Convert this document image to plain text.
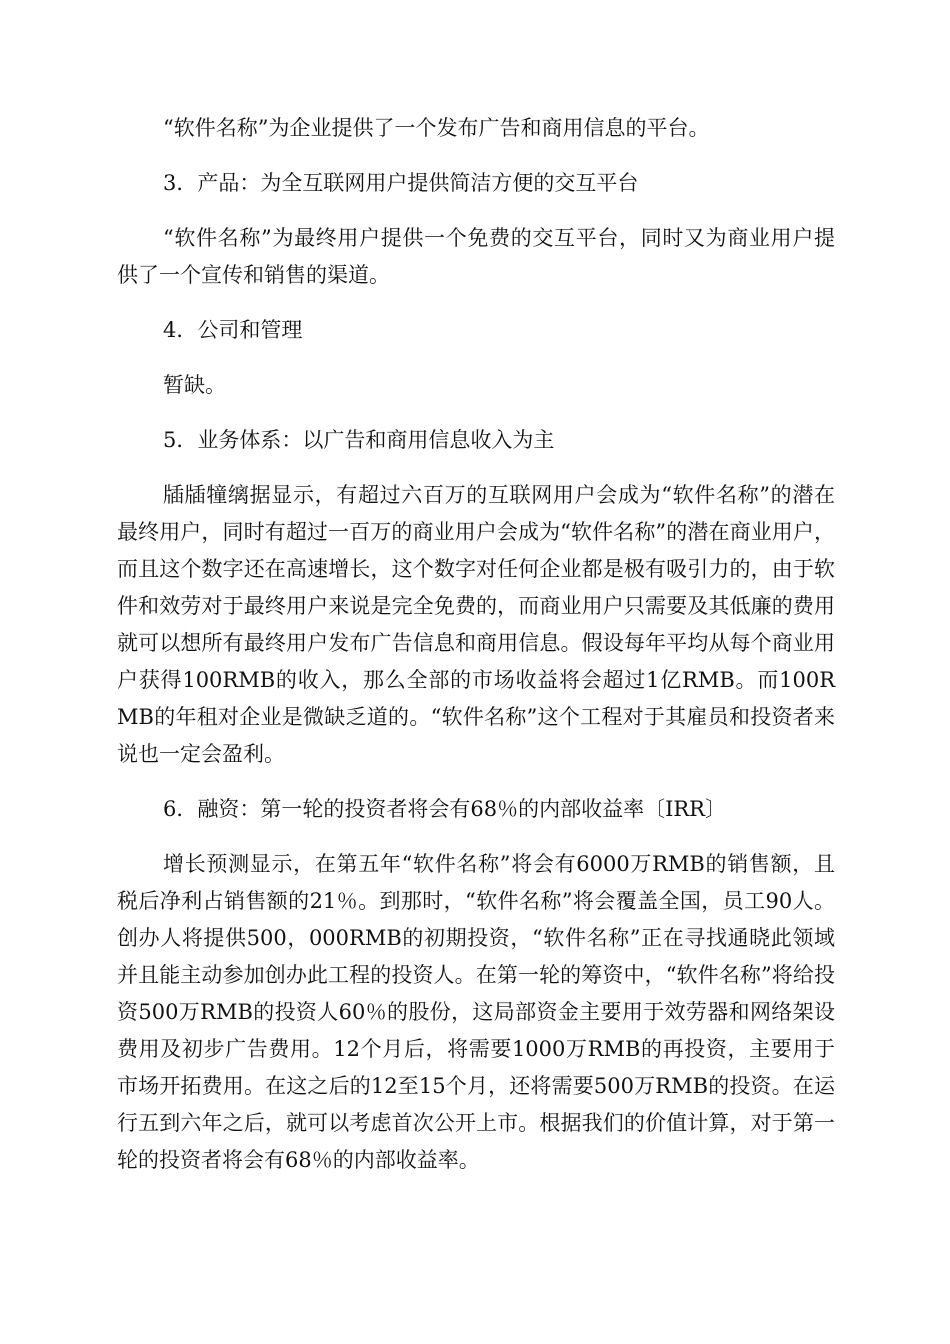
“软件名称”为企业提供了一个发布广告和商用信息的平台。

3．产品：为全互联网用户提供简洁方便的交互平台

“软件名称”为最终用户提供一个免费的交互平台，同时又为商业用户提供了一个宣传和销售的渠道。

4．公司和管理

暂缺。

5．业务体系：以广告和商用信息收入为主

牐牐犝缡据显示，有超过六百万的互联网用户会成为“软件名称”的潜在最终用户，同时有超过一百万的商业用户会成为“软件名称”的潜在商业用户，而且这个数字还在高速增长，这个数字对任何企业都是极有吸引力的，由于软件和效劳对于最终用户来说是完全免费的，而商业用户只需要及其低廉的费用就可以想所有最终用户发布广告信息和商用信息。假设每年平均从每个商业用户获得100RMB的收入，那么全部的市场收益将会超过1亿RMB。而100RMB的年租对企业是微缺乏道的。“软件名称”这个工程对于其雇员和投资者来说也一定会盈利。

6．融资：第一轮的投资者将会有68％的内部收益率〔IRR〕

增长预测显示，在第五年“软件名称”将会有6000万RMB的销售额，且税后净利占销售额的21％。到那时，“软件名称”将会覆盖全国，员工90人。创办人将提供500，000RMB的初期投资，“软件名称”正在寻找通晓此领域并且能主动参加创办此工程的投资人。在第一轮的筹资中，“软件名称”将给投资500万RMB的投资人60％的股份，这局部资金主要用于效劳器和网络架设费用及初步广告费用。12个月后，将需要1000万RMB的再投资，主要用于市场开拓费用。在这之后的12至15个月，还将需要500万RMB的投资。在运行五到六年之后，就可以考虑首次公开上市。根据我们的价值计算，对于第一轮的投资者将会有68％的内部收益率。
